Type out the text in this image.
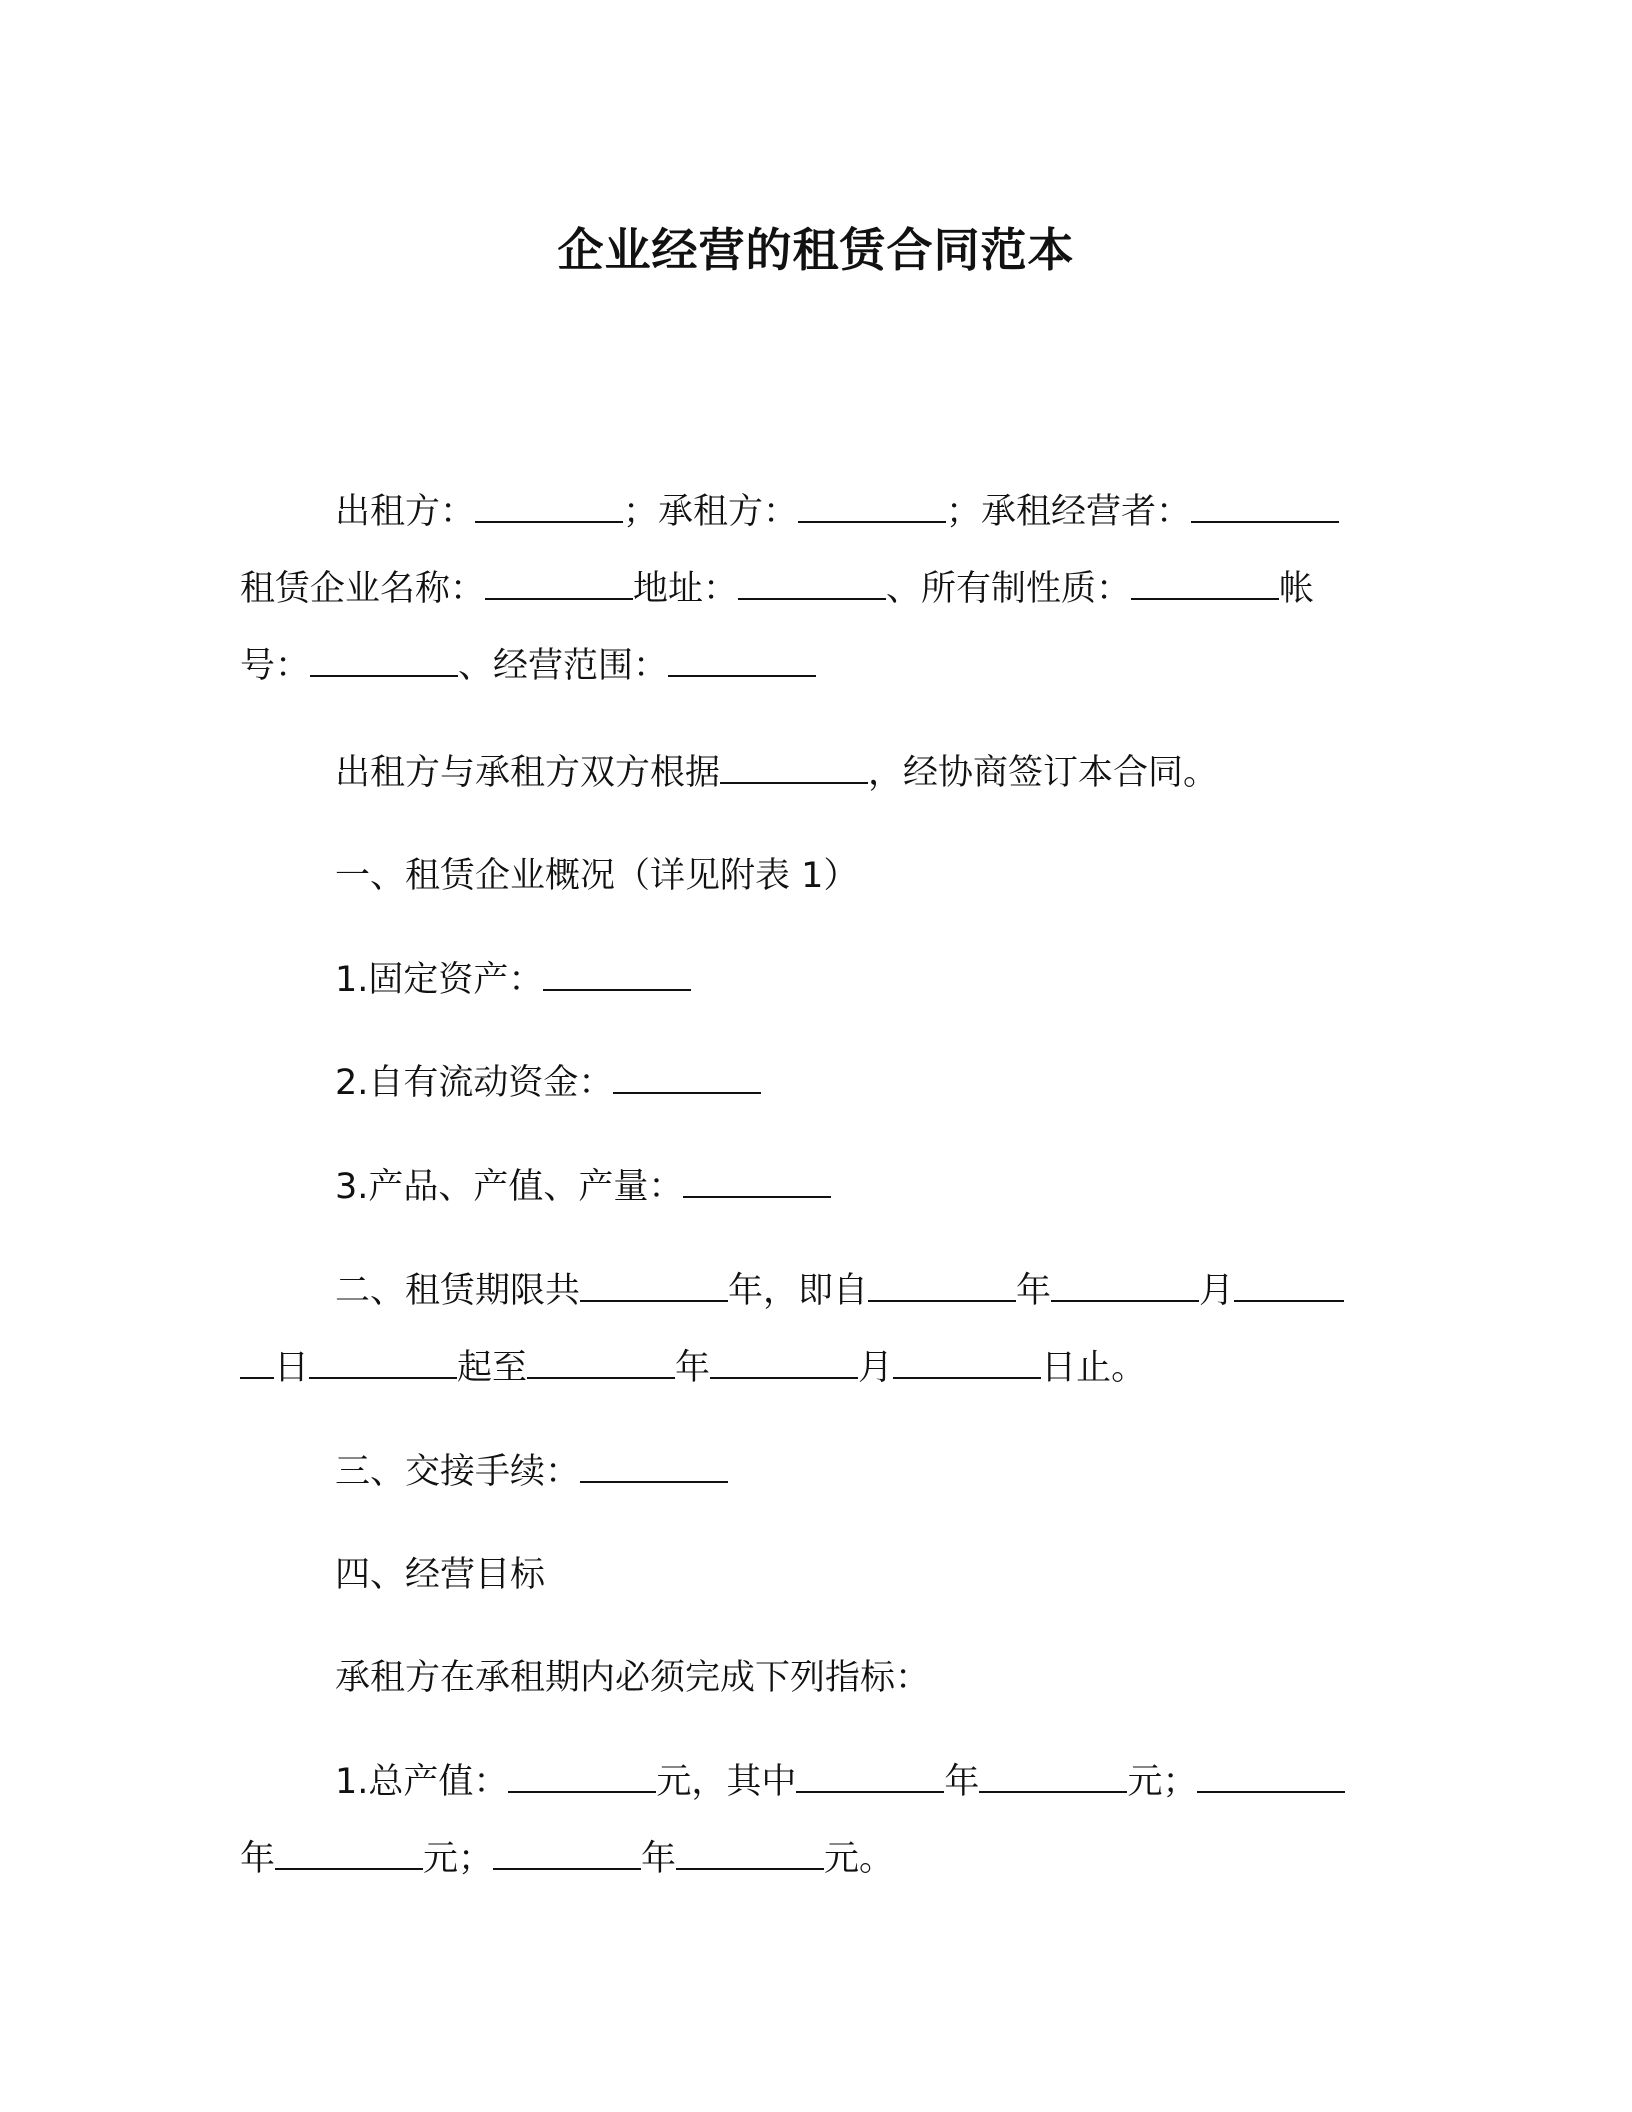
企业经营的租赁合同范本
出租方：	；承租方：	；承租经营者：
租赁企业名称：	地址：	、所有制性质：	帐
号：	、经营范围：
出租方与承租方双方根据	，经协商签订本合同。
一、租赁企业概况（详见附表 1）
1.固定资产：
2.自有流动资金：
3.产品、产值、产量：
二、租赁期限共	年，即自	年	月
日	起至	年	月	日止。
三、交接手续：
四、经营目标
承租方在承租期内必须完成下列指标：
1.总产值：	元，其中	年	元；
年	元；	年	元。
